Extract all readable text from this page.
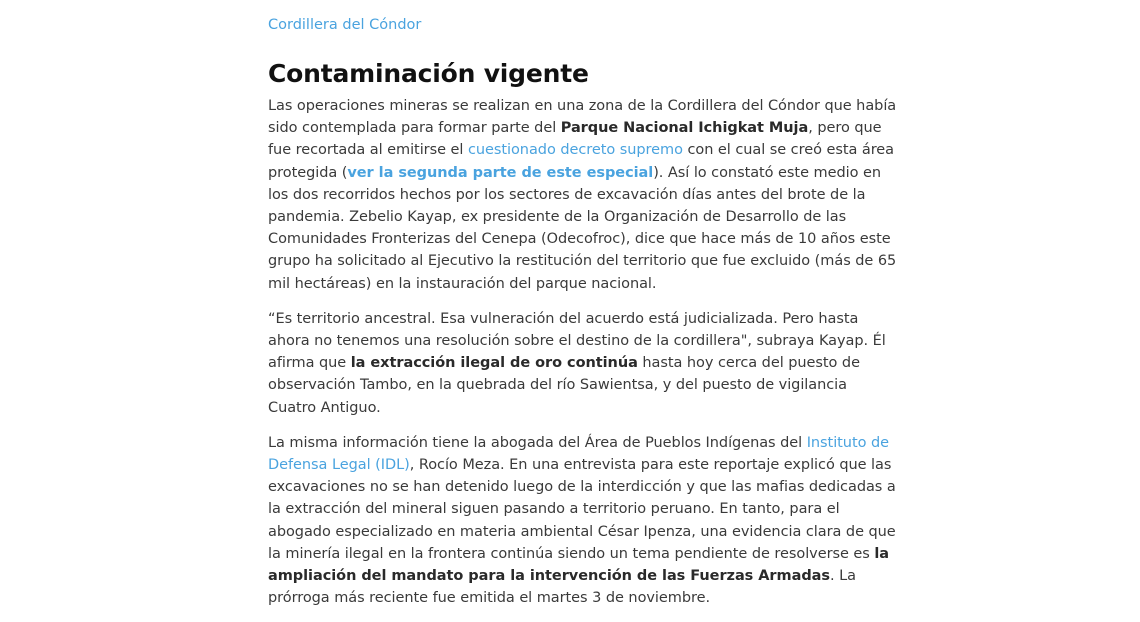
Cordillera del Cóndor
Contaminación vigente

Las operaciones mineras se realizan en una zona de la Cordillera del Cóndor que había sido contemplada para formar parte del Parque Nacional Ichigkat Muja, pero que fue recortada al emitirse el cuestionado decreto supremo con el cual se creó esta área protegida (ver la segunda parte de este especial). Así lo constató este medio en los dos recorridos hechos por los sectores de excavación días antes del brote de la pandemia. Zebelio Kayap, ex presidente de la Organización de Desarrollo de las Comunidades Fronterizas del Cenepa (Odecofroc), dice que hace más de 10 años este grupo ha solicitado al Ejecutivo la restitución del territorio que fue excluido (más de 65 mil hectáreas) en la instauración del parque nacional.

“Es territorio ancestral. Esa vulneración del acuerdo está judicializada. Pero hasta ahora no tenemos una resolución sobre el destino de la cordillera", subraya Kayap. Él afirma que la extracción ilegal de oro continúa hasta hoy cerca del puesto de observación Tambo, en la quebrada del río Sawientsa, y del puesto de vigilancia Cuatro Antiguo.

La misma información tiene la abogada del Área de Pueblos Indígenas del Instituto de Defensa Legal (IDL), Rocío Meza. En una entrevista para este reportaje explicó que las excavaciones no se han detenido luego de la interdicción y que las mafias dedicadas a la extracción del mineral siguen pasando a territorio peruano. En tanto, para el abogado especializado en materia ambiental César Ipenza, una evidencia clara de que la minería ilegal en la frontera continúa siendo un tema pendiente de resolverse es la ampliación del mandato para la intervención de las Fuerzas Armadas. La prórroga más reciente fue emitida el martes 3 de noviembre.
